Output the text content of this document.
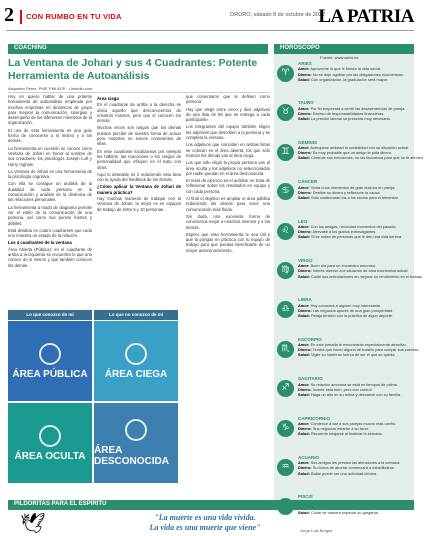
2 CON RUMBO EN TU VIDA	ORURO, sábado 8 de octubre de 2022
LA PATRIA
COACHING
La Ventana de Johari y sus 4 Cuadrantes: Potente Herramienta de Autoanálisis
Alejandro Pérez, PMP, PMI ACP - Linkedin.com

Hoy en quiero hablar de una potente herramienta de autoanálisis empleada por muchas empresas en dinámicas de grupo para mejorar la comunicación, sinergias y desempeño de los diferentes miembros de la organización.

El uso de esta herramienta es una gran forma de conocerse a sí mismo y a los demás.

La herramienta en cuestión se conoce como Ventana de Johari en honor al nombre de sus creadores, los psicólogos Joseph Luft y Harry Ingham.

La Ventana de Johari es una herramienta de la psicología cognitiva.

Con ella se consigue un análisis de la dualidad de cada persona en la comunicación y análisis de la dinámica de las relaciones personales.

La herramienta a modo de diagrama permite ver el estilo de la comunicación de una persona, así como sus puntos fuertes y débiles.

Está dividida en cuatro cuadrantes que cada uno muestra un estado de la relación.

Los 4 cuadrantes de la ventana

Área Abierta (Pública): en el cuadrante de arriba a la izquierda se encuentra lo que uno conoce de sí mismo y que también conocen los demás.

Área ciega

En el cuadrante de arriba a la derecha se ubica aquello que desconocemos de nosotros mismos, pero que sí conocen los demás.

Muchas veces son rasgos que los demás pueden percibir de nuestra forma de actuar pero nosotros no somos conscientes de ellas.

En este cuadrante localizamos por ejemplo los hábitos, las reacciones o los rasgos de personalidad que influyen en el trato con otros.

Aquí lo deseable es ir reduciendo esta área con la ayuda del feedback de los demás.

¿Cómo aplicar la Ventana de Johari de manera práctica?

Hay muchas maneras de trabajar con la Ventana de Johari, la mejor es en equipos de trabajo de entre 5 y 10 personas.

que comentaron que te definen como persona.

Hay que elegir entre cinco y diez adjetivos de una lista de 56 que se entrega a cada participante.

Los integrantes del equipo también eligen los adjetivos que describen a la persona y se completa la ventana.

Los adjetivos que coinciden en ambas listas se colocan en el área abierta; los que sólo marcan los demás van al área ciega.

Los que sólo eligió la propia persona van al área oculta y los adjetivos no seleccionados por nadie quedan en el área desconocida.

El resto de ejercicio es el análisis: se trata de reflexionar sobre los resultados en equipo y con cada persona.

Al final el objetivo es ampliar el área pública reduciendo las demás para tener una comunicación más fluida.

Sin duda, una excelente forma de conocernos mejor a nosotros mismos y a los demás.

Espero que esta herramienta te sea útil y que la pongas en práctica con tu equipo de trabajo para que puedas beneficiarte de un mayor autoconocimiento.

Lo que conozco de mí	Lo que no conozco de mí
ÁREA PÚBLICA ÁREA CIEGA
ÁREA OCULTA ÁREA DESCONOCIDA
HORÓSCOPO
Fuente: www.astro.es
♈
ARIES
Amor: Aproveche lo que le brinda la vida social.
Dinero: No se deje agobiar por las obligaciones económicas.
Salud: Con organización, la graduación será mayor.
♉
TAURO
Amor: Por fin empezará a sentir las desavenencias de pareja.
Dinero: Exceso de responsabilidades financieras.
Salud: La presión laboral se presenta muy necesaria.
♊
GÉMINIS
Amor: Acérquese amistad la cordialidad con su situación actual.
Dinero: Es muy probable que un amigo le pida dinero.
Salud: Controle sus emociones, no las favorezca para que no le afecten.
♋
CÁNCER
Amor: Vivirá unos momentos de gran dulzura en pareja.
Dinero: Destine su dinero y reflexione la causa.
Salud: Sólo colaborarán los a los socios para el bienestar.
♌
LEO
Amor: Con los amigos, recordará momentos del pasado.
Dinero: Atrévase a los gustos extravagantes.
Salud: Si se rodea de personas que le den una vida serena.
♍
VIRGO
Amor: Buen día para un encuentro amoroso.
Dinero: Interés diverso a la situación de cara económica actual.
Salud: Cuide sus articulaciones en mejorar su rendimiento en el trabajo.
♎
LIBRA
Amor: Hoy conocerá a alguien muy interesante.
Dinero: Las negocios apunte de una gran prosperidad.
Salud: Relaja tensión con la práctica de algún deporte.
♏
ESCORPIO
Amor: En este jornada le encontrarán especialmente atractivo.
Dinero: Tendrá que hacer alguna de bolsillo para cumplir sus cuentas.
Salud: Vigile su hombros fuerza de ser el que se queda.
♐
SAGITARIO
Amor: Su relación amorosa se está en tiempos de calma.
Dinero: Invertir está bien, pero con control.
Salud: Haga un alto en su rutina y descanse con su familia.
♑
CAPRICORNIO
Amor: Comience a dar a sus parejas mucho más cariño.
Dinero: Sus negocios estarán a su favor.
Salud: Recuerde relajarse al finalizar la semana.
♒
ACUARIO
Amor: Sus amigos les prestan las atenciones a la semana.
Dinero: Su forma de ahorrar comenzará a estabilizarse.
Salud: Bailar puede ser una actividad idónea.
PISCIS
Salud: Cuide de manera especial su garganta.
PILDORITAS PARA EL ESPÍRITU
🕊	"La muerte es una vida vivida.
La vida es una muerte que viene"	Jorge Luis Borges
